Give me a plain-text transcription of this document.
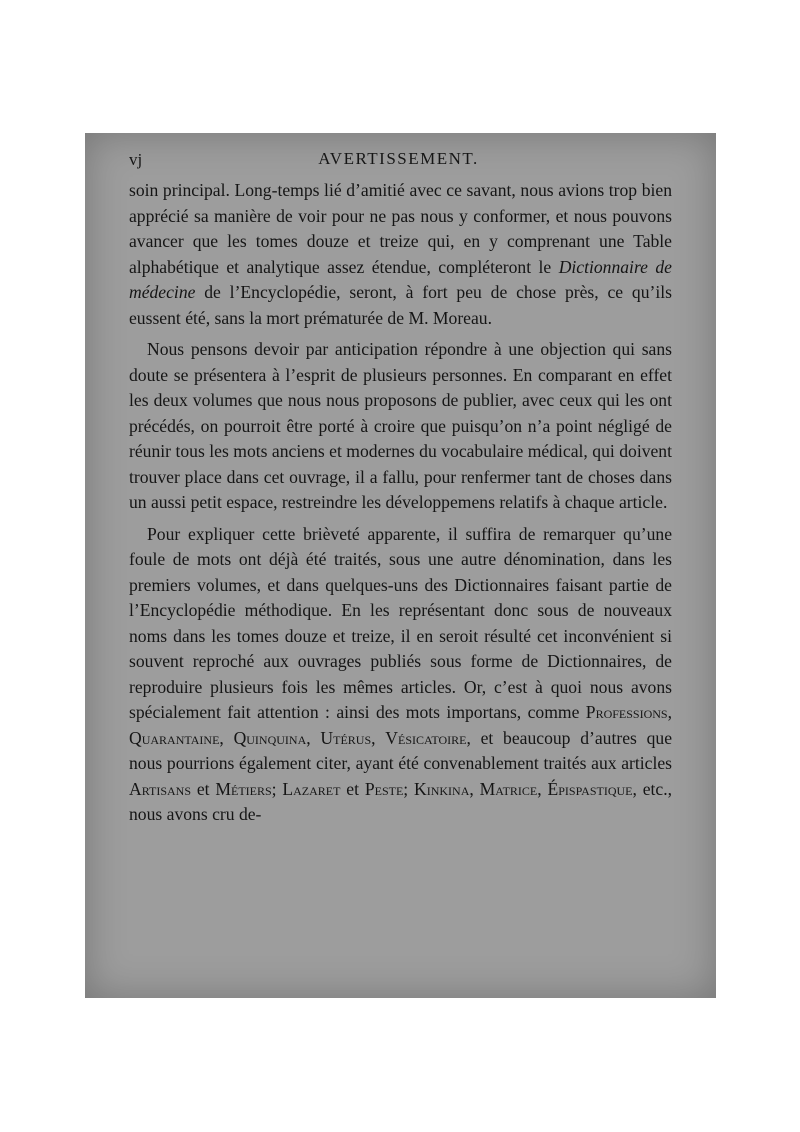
vj	AVERTISSEMENT.

soin principal. Long-temps lié d’amitié avec ce savant, nous avions trop bien apprécié sa manière de voir pour ne pas nous y conformer, et nous pouvons avancer que les tomes douze et treize qui, en y comprenant une Table alphabétique et analytique assez étendue, compléteront le Dictionnaire de médecine de l’Encyclopédie, seront, à fort peu de chose près, ce qu’ils eussent été, sans la mort prématurée de M. Moreau.

Nous pensons devoir par anticipation répondre à une objection qui sans doute se présentera à l’esprit de plusieurs personnes. En comparant en effet les deux volumes que nous nous proposons de publier, avec ceux qui les ont précédés, on pourroit être porté à croire que puisqu’on n’a point négligé de réunir tous les mots anciens et modernes du vocabulaire médical, qui doivent trouver place dans cet ouvrage, il a fallu, pour renfermer tant de choses dans un aussi petit espace, restreindre les développemens relatifs à chaque article.

Pour expliquer cette brièveté apparente, il suffira de remarquer qu’une foule de mots ont déjà été traités, sous une autre dénomination, dans les premiers volumes, et dans quelques-uns des Dictionnaires faisant partie de l’Encyclopédie méthodique. En les représentant donc sous de nouveaux noms dans les tomes douze et treize, il en seroit résulté cet inconvénient si souvent reproché aux ouvrages publiés sous forme de Dictionnaires, de reproduire plusieurs fois les mêmes articles. Or, c’est à quoi nous avons spécialement fait attention : ainsi des mots importans, comme Professions, Quarantaine, Quinquina, Utérus, Vésicatoire, et beaucoup d’autres que nous pourrions également citer, ayant été convenablement traités aux articles Artisans et Métiers; Lazaret et Peste; Kinkina, Matrice, Épispastique, etc., nous avons cru de-
